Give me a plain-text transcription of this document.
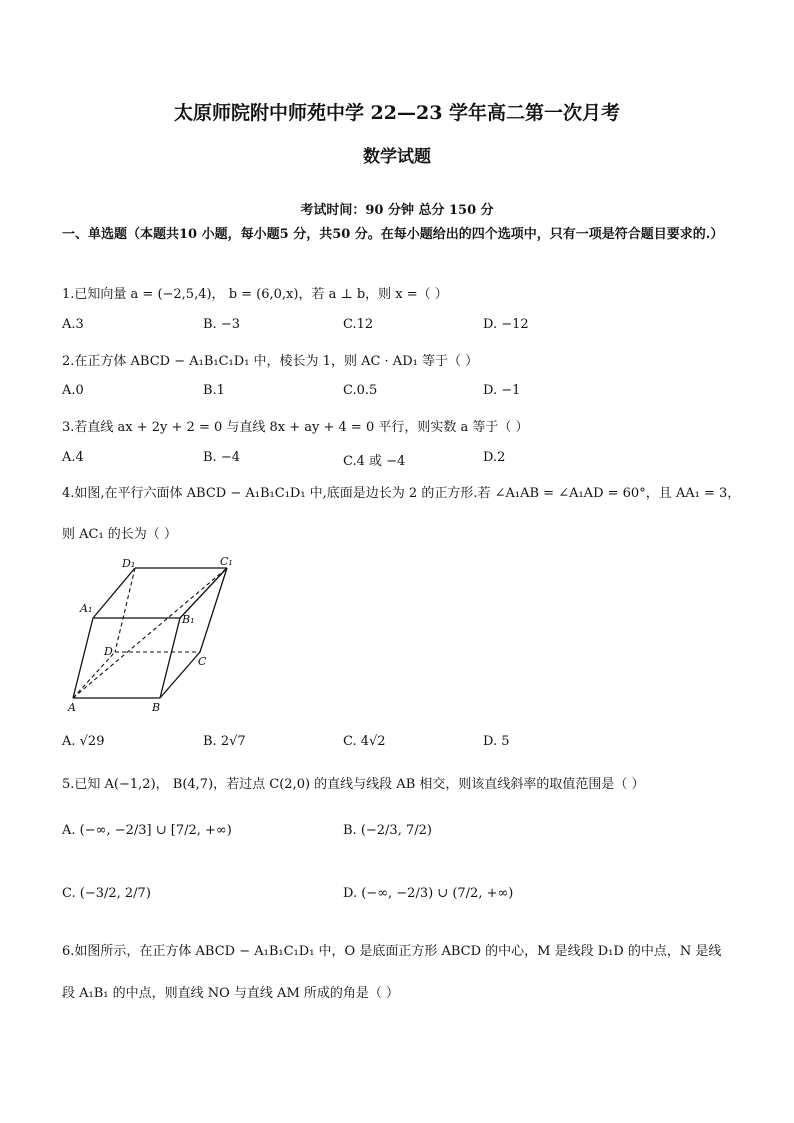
太原师院附中师苑中学 22—23 学年高二第一次月考
数学试题
考试时间：90 分钟 总分 150 分
一、单选题（本题共10 小题，每小题5 分，共50 分。在每小题给出的四个选项中，只有一项是符合题目要求的.）
1.已知向量 a = (−2,5,4)， b = (6,0,x)，若 a ⊥ b，则 x =（ ）
A.3	B. −3	C.12	D. −12
2.在正方体 ABCD − A₁B₁C₁D₁ 中，棱长为 1，则 AC · AD₁ 等于（ ）
A.0	B.1	C.0.5	D. −1
3.若直线 ax + 2y + 2 = 0 与直线 8x + ay + 4 = 0 平行，则实数 a 等于（ ）
A.4	B. −4	C.4 或 −4	D.2
4.如图,在平行六面体 ABCD − A₁B₁C₁D₁ 中,底面是边长为 2 的正方形.若 ∠A₁AB = ∠A₁AD = 60°，且 AA₁ = 3，
则 AC₁ 的长为（ ）
D₁	C₁
A₁
B₁
D
C
A	B
A. √29	B. 2√7	C. 4√2	D. 5
5.已知 A(−1,2)， B(4,7)，若过点 C(2,0) 的直线与线段 AB 相交，则该直线斜率的取值范围是（ ）
A. (−∞, −2/3] ∪ [7/2, +∞)	B. (−2/3, 7/2)
C. (−3/2, 2/7)	D. (−∞, −2/3) ∪ (7/2, +∞)
6.如图所示，在正方体 ABCD − A₁B₁C₁D₁ 中，O 是底面正方形 ABCD 的中心，M 是线段 D₁D 的中点，N 是线
段 A₁B₁ 的中点，则直线 NO 与直线 AM 所成的角是（ ）
